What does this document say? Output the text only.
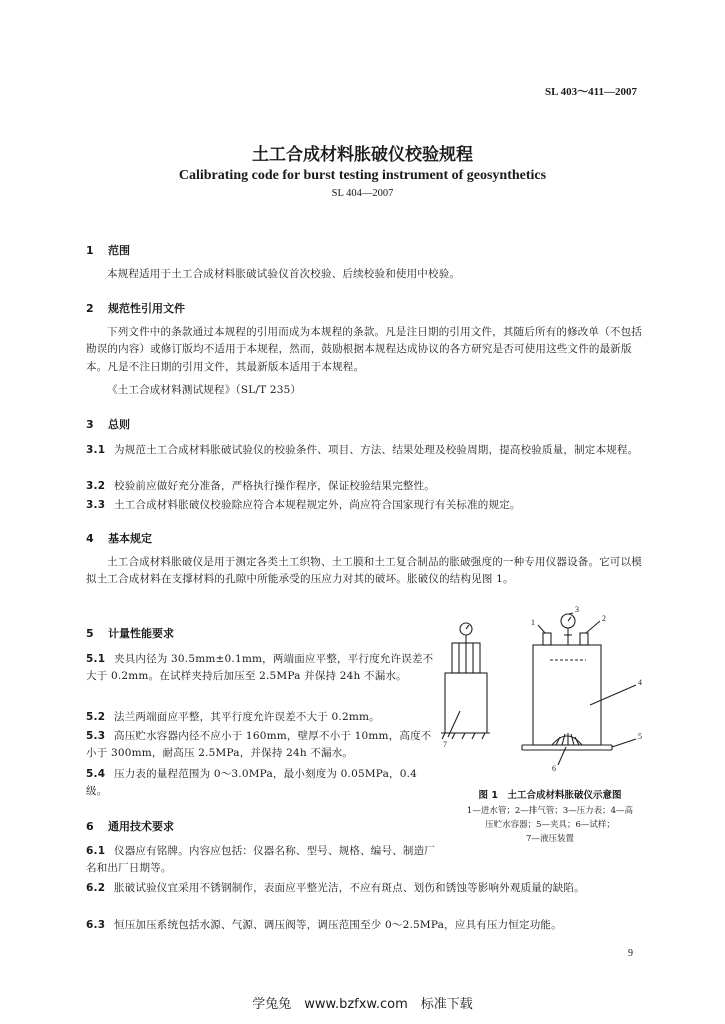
SL 403～411—2007
土工合成材料胀破仪校验规程
Calibrating code for burst testing instrument of geosynthetics
SL 404—2007
1 范围

本规程适用于土工合成材料胀破试验仪首次校验、后续校验和使用中校验。

2 规范性引用文件

下列文件中的条款通过本规程的引用而成为本规程的条款。凡是注日期的引用文件，其随后所有的修改单（不包括勘误的内容）或修订版均不适用于本规程，然而，鼓励根据本规程达成协议的各方研究是否可使用这些文件的最新版本。凡是不注日期的引用文件，其最新版本适用于本规程。

《土工合成材料测试规程》（SL/T 235）

3 总则

3.1 为规范土工合成材料胀破试验仪的校验条件、项目、方法、结果处理及校验周期，提高校验质量，制定本规程。

3.2 校验前应做好充分准备，严格执行操作程序，保证校验结果完整性。

3.3 土工合成材料胀破仪校验除应符合本规程规定外，尚应符合国家现行有关标准的规定。

4 基本规定

土工合成材料胀破仪是用于测定各类土工织物、土工膜和土工复合制品的胀破强度的一种专用仪器设备。它可以模拟土工合成材料在支撑材料的孔隙中所能承受的压应力对其的破坏。胀破仪的结构见图 1。

5 计量性能要求

5.1 夹具内径为 30.5mm±0.1mm，两端面应平整，平行度允许误差不大于 0.2mm。在试样夹持后加压至 2.5MPa 并保持 24h 不漏水。

5.2 法兰两端面应平整，其平行度允许误差不大于 0.2mm。

5.3 高压贮水容器内径不应小于 160mm，壁厚不小于 10mm，高度不小于 300mm，耐高压 2.5MPa，并保持 24h 不漏水。

5.4 压力表的量程范围为 0～3.0MPa，最小刻度为 0.05MPa，0.4 级。

6 通用技术要求

6.1 仪器应有铭牌。内容应包括：仪器名称、型号、规格、编号、制造厂名和出厂日期等。

6.2 胀破试验仪宜采用不锈钢制作，表面应平整光洁，不应有斑点、划伤和锈蚀等影响外观质量的缺陷。

6.3 恒压加压系统包括水源、气源、调压阀等，调压范围至少 0～2.5MPa，应具有压力恒定功能。

1	2
3
4
5
6
7
图 1　土工合成材料胀破仪示意图
1—进水管；2—排气管；3—压力表；4—高
压贮水容器；5—夹具；6—试样；
7—液压装置
9
学兔兔　www.bzfxw.com　标准下载
